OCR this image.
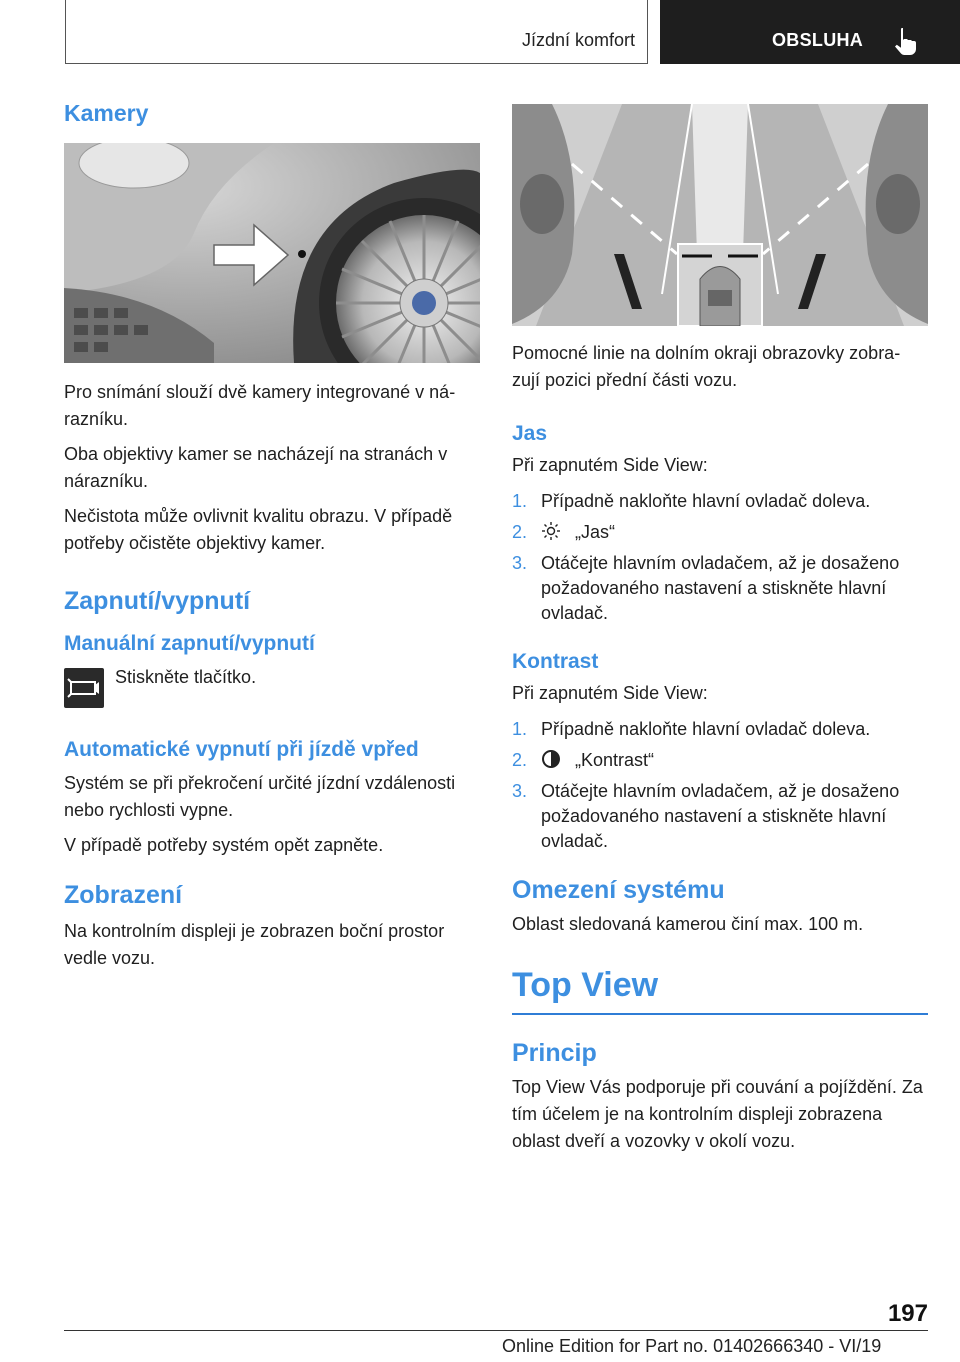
Jízdní komfort	OBSLUHA
Kamery

Pro snímání slouží dvě kamery integrované v ná-razníku.

Oba objektivy kamer se nacházejí na stranách v nárazníku.

Nečistota může ovlivnit kvalitu obrazu. V případě potřeby očistěte objektivy kamer.

Zapnutí/vypnutí
Manuální zapnutí/vypnutí

Stiskněte tlačítko.

Automatické vypnutí při jízdě vpřed

Systém se při překročení určité jízdní vzdálenosti nebo rychlosti vypne.

V případě potřeby systém opět zapněte.

Zobrazení

Na kontrolním displeji je zobrazen boční prostor vedle vozu.

Pomocné linie na dolním okraji obrazovky zobra-zují pozici přední části vozu.

Jas

Při zapnutém Side View:

1. Případně nakloňte hlavní ovladač doleva.
2.	„Jas“
3. Otáčejte hlavním ovladačem, až je dosaženo požadovaného nastavení a stiskněte hlavní ovladač.
Kontrast

Při zapnutém Side View:

1. Případně nakloňte hlavní ovladač doleva.
2.	„Kontrast“
3. Otáčejte hlavním ovladačem, až je dosaženo požadovaného nastavení a stiskněte hlavní ovladač.
Omezení systému

Oblast sledovaná kamerou činí max. 100 m.

Top View
Princip

Top View Vás podporuje při couvání a pojíždění. Za tím účelem je na kontrolním displeji zobrazena oblast dveří a vozovky v okolí vozu.

197
Online Edition for Part no. 01402666340 - VI/19
